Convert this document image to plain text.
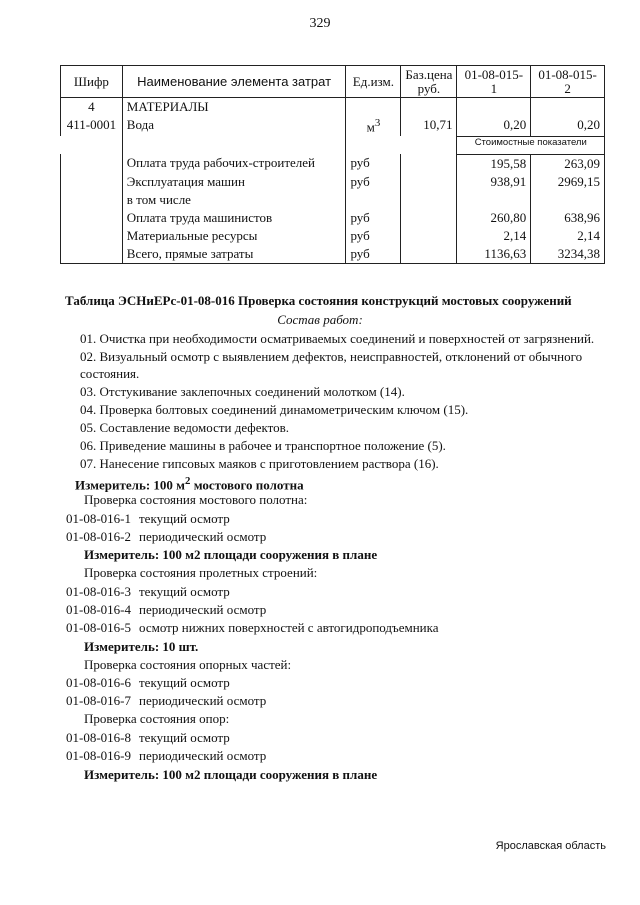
329
Шифр	Наименование элемента затрат	Ед.изм.	Баз.цена руб.	01-08-015-1	01-08-015-2
4	МАТЕРИАЛЫ				
411-0001	Вода	$м^3$	10,71	0,20	0,20
				Стоимостные показатели	
	Оплата труда рабочих-строителей	руб		195,58	263,09
	Эксплуатация машин	руб		938,91	2969,15
	в том числе				
	Оплата труда машинистов	руб		260,80	638,96
	Материальные ресурсы	руб		2,14	2,14
	Всего, прямые затраты	руб		1136,63	3234,38
Таблица ЭСНиЕРс-01-08-016 Проверка состояния конструкций мостовых сооружений
Состав работ:
01. Очистка при необходимости осматриваемых соединений и поверхностей от загрязнений.
02. Визуальный осмотр с выявлением дефектов, неисправностей, отклонений от обычного состояния.
03. Отстукивание заклепочных соединений молотком (14).
04. Проверка болтовых соединений динамометрическим ключом (15).
05. Составление ведомости дефектов.
06. Приведение машины в рабочее и транспортное положение (5).
07. Нанесение гипсовых маяков с приготовлением раствора (16).
Измеритель: 100 $м^2$ мостового полотна
Проверка состояния мостового полотна:
01-08-016-1 текущий осмотр
01-08-016-2 периодический осмотр
Измеритель: 100 м2 площади сооружения в плане
Проверка состояния пролетных строений:
01-08-016-3 текущий осмотр
01-08-016-4 периодический осмотр
01-08-016-5 осмотр нижних поверхностей с автогидроподъемника
Измеритель: 10 шт.
Проверка состояния опорных частей:
01-08-016-6 текущий осмотр
01-08-016-7 периодический осмотр
Проверка состояния опор:
01-08-016-8 текущий осмотр
01-08-016-9 периодический осмотр
Измеритель: 100 м2 площади сооружения в плане
Ярославская область
